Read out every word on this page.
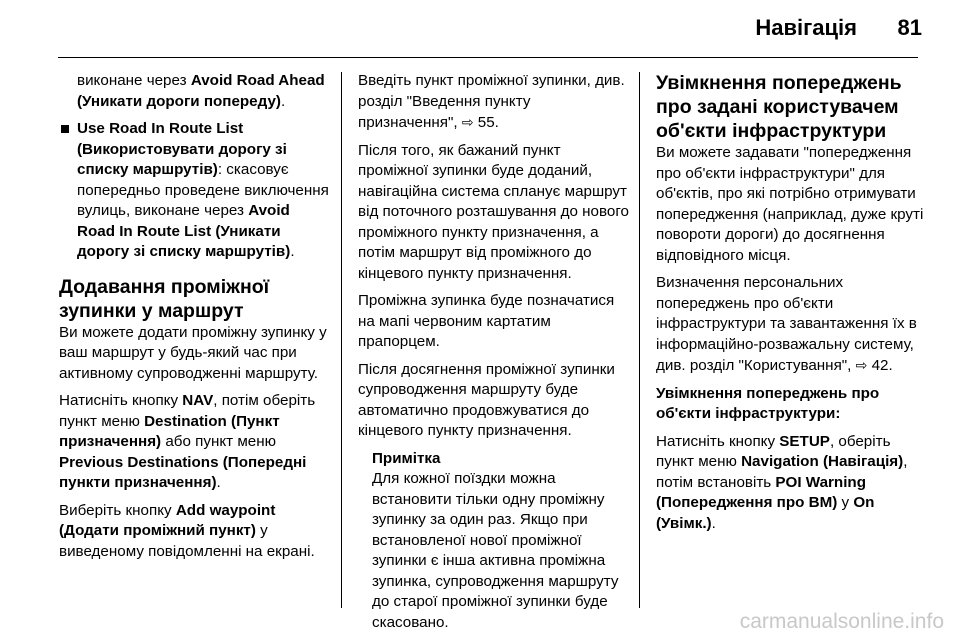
Навігація 81

виконане через Avoid Road Ahead (Уникати дороги попереду).

Use Road In Route List (Використовувати дорогу зі списку маршрутів): скасовує попередньо проведене виключення вулиць, виконане через Avoid Road In Route List (Уникати дорогу зі списку маршрутів).
Додавання проміжної зупинки у маршрут

Ви можете додати проміжну зупинку у ваш маршрут у будь-який час при активному супроводженні маршруту.

Натисніть кнопку NAV, потім оберіть пункт меню Destination (Пункт призначення) або пункт меню Previous Destinations (Попередні пункти призначення).

Виберіть кнопку Add waypoint (Додати проміжний пункт) у виведеному повідомленні на екрані.

Введіть пункт проміжної зупинки, див. розділ "Введення пункту призначення", ⇨ 55.

Після того, як бажаний пункт проміжної зупинки буде доданий, навігаційна система спланує маршрут від поточного розташування до нового проміжного пункту призначення, а потім маршрут від проміжного до кінцевого пункту призначення.

Проміжна зупинка буде позначатися на мапі червоним картатим прапорцем.

Після досягнення проміжної зупинки супроводження маршруту буде автоматично продовжуватися до кінцевого пункту призначення.

Примітка

Для кожної поїздки можна встановити тільки одну проміжну зупинку за один раз. Якщо при встановленої нової проміжної зупинки є інша активна проміжна зупинка, супроводження маршруту до старої проміжної зупинки буде скасовано.

Увімкнення попереджень про задані користувачем об'єкти інфраструктури

Ви можете задавати "попередження про об'єкти інфраструктури" для об'єктів, про які потрібно отримувати попередження (наприклад, дуже круті повороти дороги) до досягнення відповідного місця.

Визначення персональних попереджень про об'єкти інфраструктури та завантаження їх в інформаційно-розважальну систему, див. розділ "Користування", ⇨ 42.

Увімкнення попереджень про об'єкти інфраструктури:

Натисніть кнопку SETUP, оберіть пункт меню Navigation (Навігація), потім встановіть POI Warning (Попередження про BM) у On (Увімк.).

carmanualsonline.info
